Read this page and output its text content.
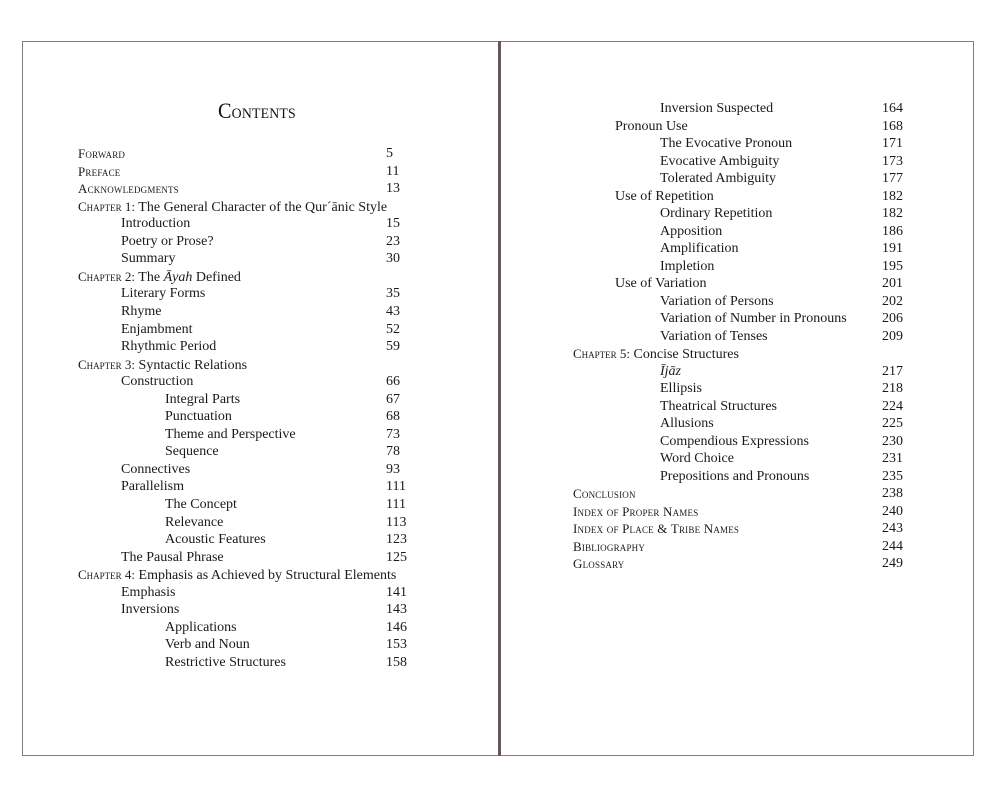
Contents
Forward	5
Preface	11
Acknowledgments	13
Chapter 1: The General Character of the Qur´ānic Style
Introduction	15
Poetry or Prose?	23
Summary	30
Chapter 2: The Āyah Defined
Literary Forms	35
Rhyme	43
Enjambment	52
Rhythmic Period	59
Chapter 3: Syntactic Relations
Construction	66
Integral Parts	67
Punctuation	68
Theme and Perspective	73
Sequence	78
Connectives	93
Parallelism	111
The Concept	111
Relevance	113
Acoustic Features	123
The Pausal Phrase	125
Chapter 4: Emphasis as Achieved by Structural Elements
Emphasis	141
Inversions	143
Applications	146
Verb and Noun	153
Restrictive Structures	158
Inversion Suspected	164
Pronoun Use	168
The Evocative Pronoun	171
Evocative Ambiguity	173
Tolerated Ambiguity	177
Use of Repetition	182
Ordinary Repetition	182
Apposition	186
Amplification	191
Impletion	195
Use of Variation	201
Variation of Persons	202
Variation of Number in Pronouns	206
Variation of Tenses	209
Chapter 5: Concise Structures
Ījāz	217
Ellipsis	218
Theatrical Structures	224
Allusions	225
Compendious Expressions	230
Word Choice	231
Prepositions and Pronouns	235
Conclusion	238
Index of Proper Names	240
Index of Place & Tribe Names	243
Bibliography	244
Glossary	249
